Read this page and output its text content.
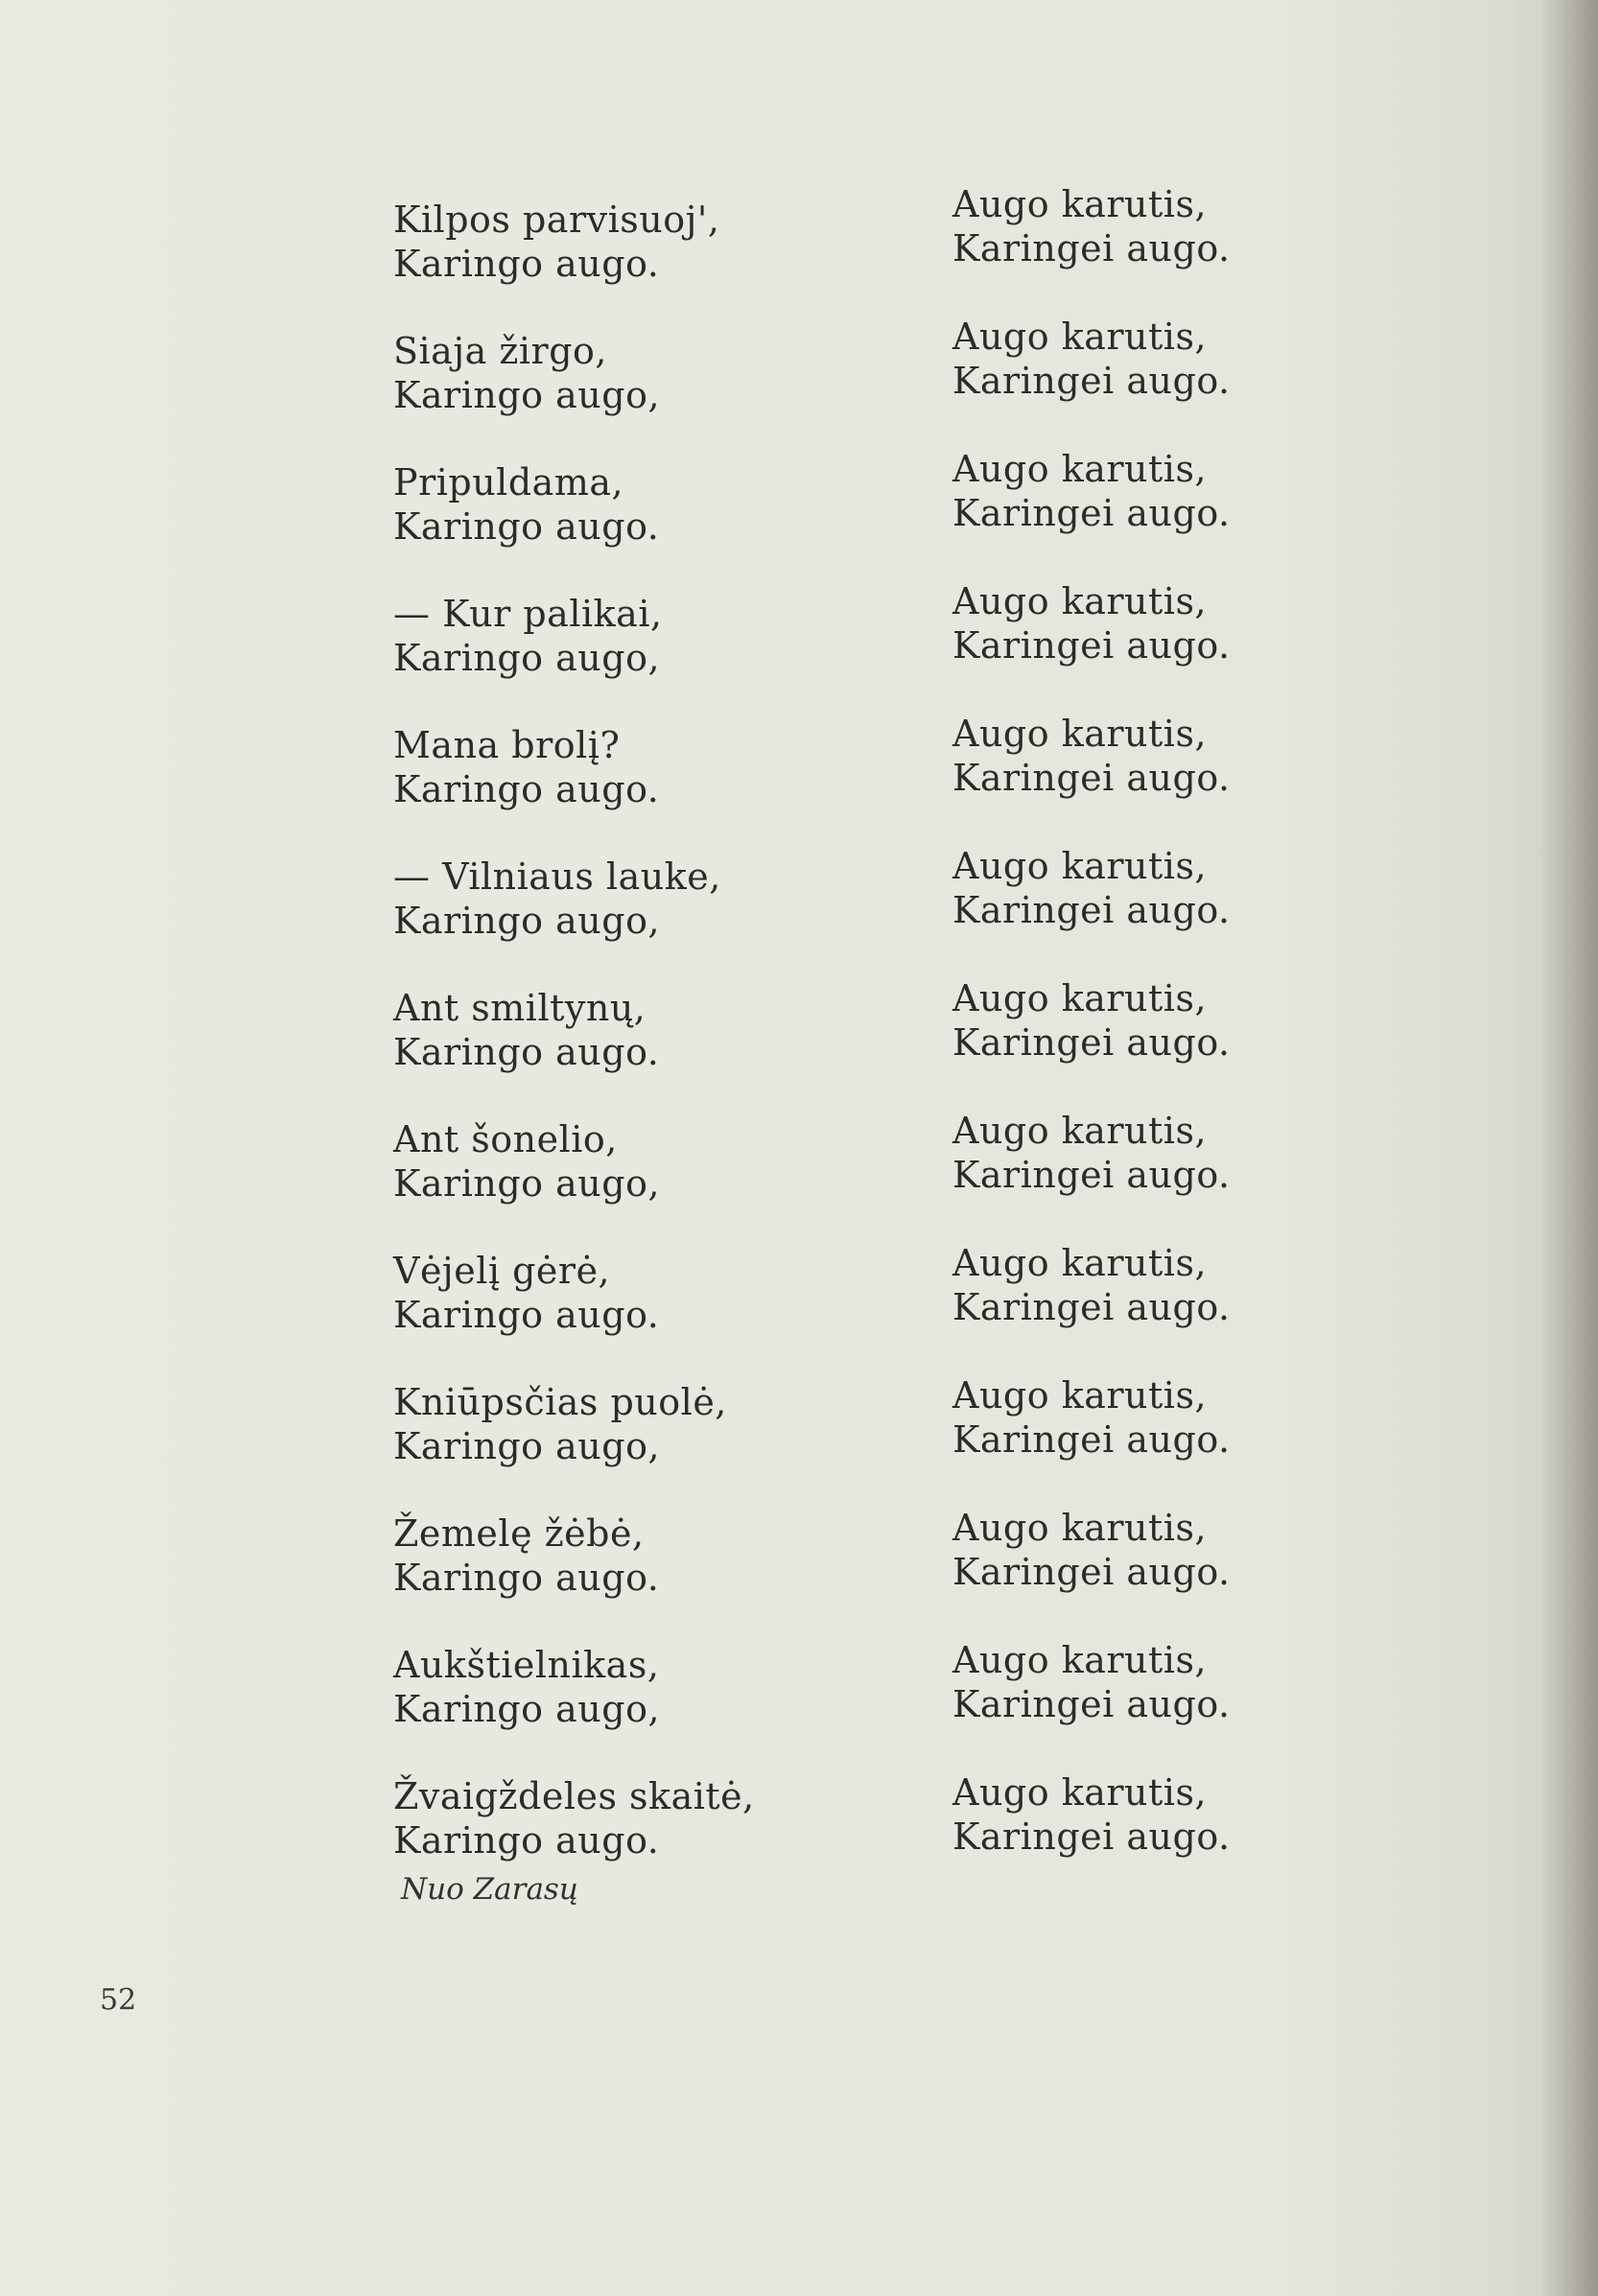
Kilpos parvisuoj',
Karingo augo.
Siaja žirgo,
Karingo augo,
Pripuldama,
Karingo augo.
— Kur palikai,
Karingo augo,
Mana brolį?
Karingo augo.
— Vilniaus lauke,
Karingo augo,
Ant smiltynų,
Karingo augo.
Ant šonelio,
Karingo augo,
Vėjelį gėrė,
Karingo augo.
Kniūpsčias puolė,
Karingo augo,
Žemelę žėbė,
Karingo augo.
Aukštielnikas,
Karingo augo,
Žvaigždeles skaitė,
Karingo augo.
Augo karutis,
Karingei augo.
Augo karutis,
Karingei augo.
Augo karutis,
Karingei augo.
Augo karutis,
Karingei augo.
Augo karutis,
Karingei augo.
Augo karutis,
Karingei augo.
Augo karutis,
Karingei augo.
Augo karutis,
Karingei augo.
Augo karutis,
Karingei augo.
Augo karutis,
Karingei augo.
Augo karutis,
Karingei augo.
Augo karutis,
Karingei augo.
Augo karutis,
Karingei augo.
Nuo Zarasų
52
